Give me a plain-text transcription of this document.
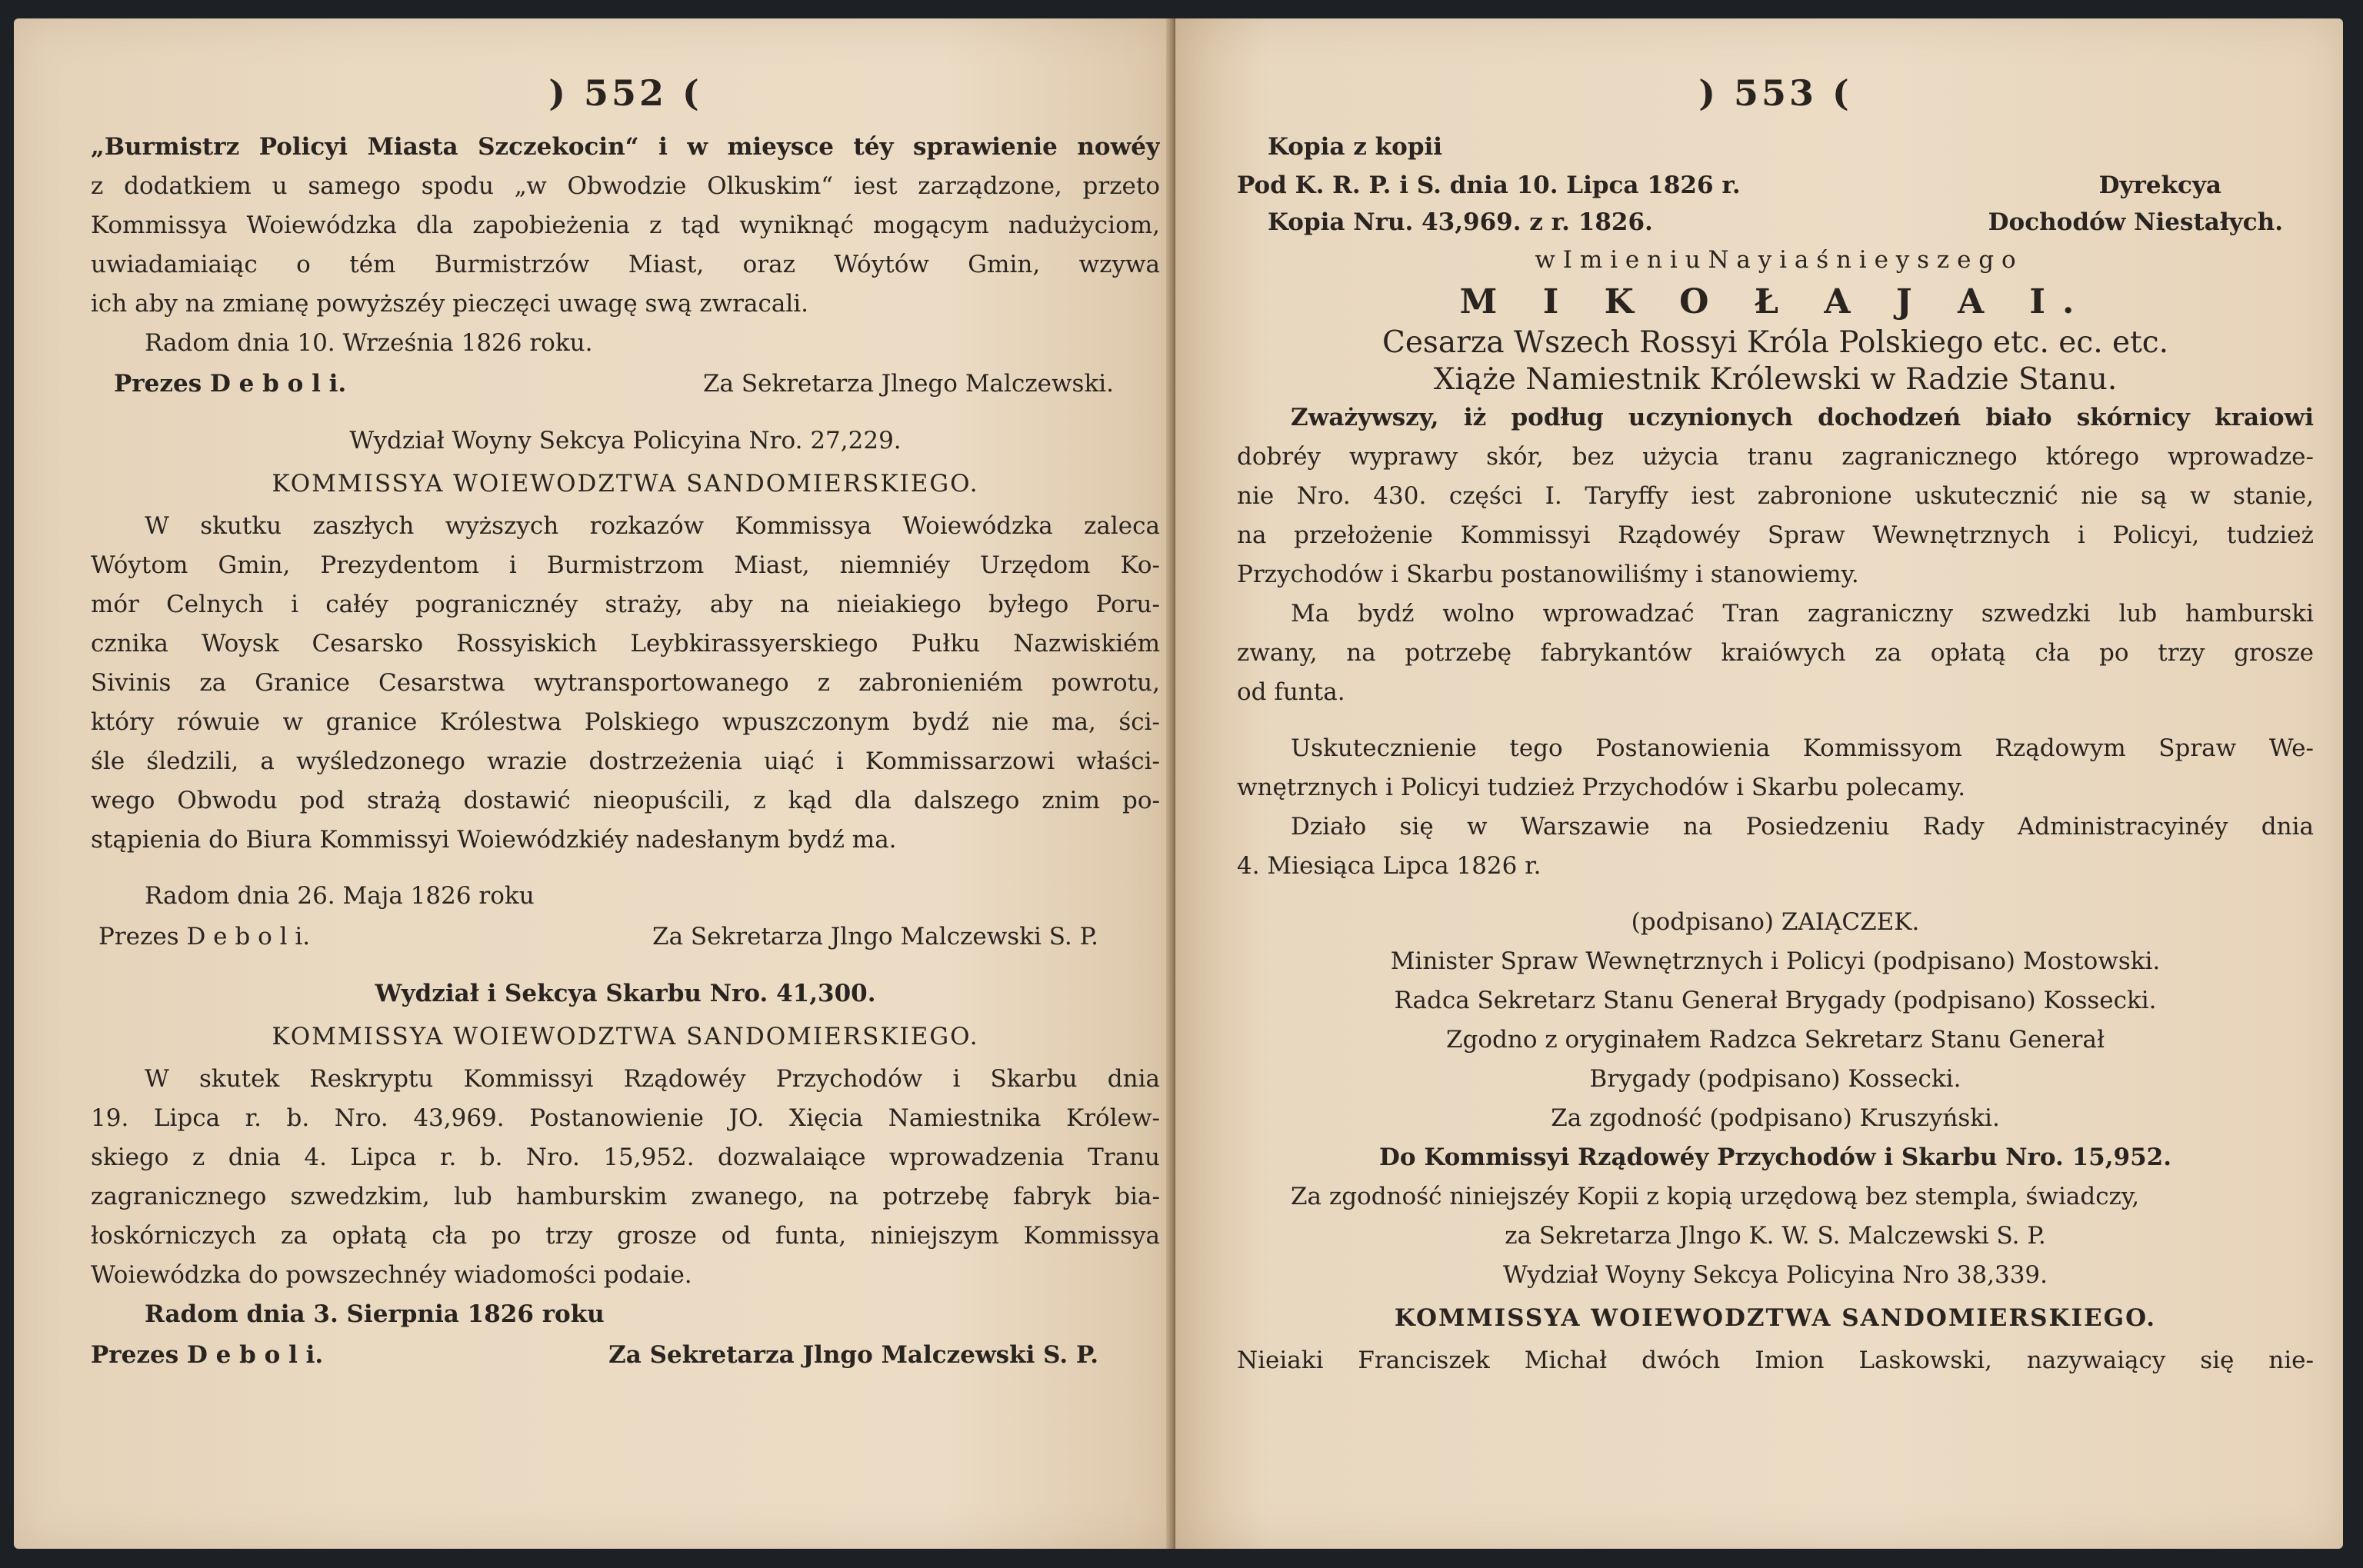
) 552 (
„Burmistrz Policyi Miasta Szczekocin“ i w mieysce téy sprawienie nowéy
z dodatkiem u samego spodu „w Obwodzie Olkuskim“ iest zarządzone, przeto
Kommissya Woiewódzka dla zapobieżenia z tąd wyniknąć mogącym nadużyciom,
uwiadamiaiąc o tém Burmistrzów Miast, oraz Wóytów Gmin, wzywa
ich aby na zmianę powyższéy pieczęci uwagę swą zwracali.
Radom dnia 10. Września 1826 roku.
Prezes D e b o l i.	Za Sekretarza Jlnego Malczewski.
Wydział Woyny Sekcya Policyina Nro. 27,229.
KOMMISSYA WOIEWODZTWA SANDOMIERSKIEGO.
W skutku zaszłych wyższych rozkazów Kommissya Woiewódzka zaleca
Wóytom Gmin, Prezydentom i Burmistrzom Miast, niemniéy Urzędom Ko-
mór Celnych i całéy pogranicznéy straży, aby na nieiakiego byłego Poru-
cznika Woysk Cesarsko Rossyiskich Leybkirassyerskiego Pułku Nazwiskiém
Sivinis za Granice Cesarstwa wytransportowanego z zabronieniém powrotu,
który rówuie w granice Królestwa Polskiego wpuszczonym bydź nie ma, ści-
śle śledzili, a wyśledzonego wrazie dostrzeżenia uiąć i Kommissarzowi właści-
wego Obwodu pod strażą dostawić nieopuścili, z kąd dla dalszego znim po-
stąpienia do Biura Kommissyi Woiewódzkiéy nadesłanym bydź ma.
Radom dnia 26. Maja 1826 roku
Prezes D e b o l i.	Za Sekretarza Jlngo Malczewski S. P.
Wydział i Sekcya Skarbu Nro. 41,300.
KOMMISSYA WOIEWODZTWA SANDOMIERSKIEGO.
W skutek Reskryptu Kommissyi Rządowéy Przychodów i Skarbu dnia
19. Lipca r. b. Nro. 43,969. Postanowienie JO. Xięcia Namiestnika Królew-
skiego z dnia 4. Lipca r. b. Nro. 15,952. dozwalaiące wprowadzenia Tranu
zagranicznego szwedzkim, lub hamburskim zwanego, na potrzebę fabryk bia-
łoskórniczych za opłatą cła po trzy grosze od funta, niniejszym Kommissya
Woiewódzka do powszechnéy wiadomości podaie.
Radom dnia 3. Sierpnia 1826 roku
Prezes D e b o l i.	Za Sekretarza Jlngo Malczewski S. P.
) 553 (
Kopia z kopii
Pod K. R. P. i S. dnia 10. Lipca 1826 r.	Dyrekcya
Kopia Nru. 43,969. z r. 1826.	Dochodów Niestałych.
w I m i e n i u N a y i a ś n i e y s z e g o
M I K O Ł A J A I.
Cesarza Wszech Rossyi Króla Polskiego etc. ec. etc.
Xiąże Namiestnik Królewski w Radzie Stanu.
Zważywszy, iż podług uczynionych dochodzeń biało skórnicy kraiowi
dobréy wyprawy skór, bez użycia tranu zagranicznego którego wprowadze-
nie Nro. 430. części I. Taryffy iest zabronione uskutecznić nie są w stanie,
na przełożenie Kommissyi Rządowéy Spraw Wewnętrznych i Policyi, tudzież
Przychodów i Skarbu postanowiliśmy i stanowiemy.
Ma bydź wolno wprowadzać Tran zagraniczny szwedzki lub hamburski
zwany, na potrzebę fabrykantów kraiówych za opłatą cła po trzy grosze
od funta.
Uskutecznienie tego Postanowienia Kommissyom Rządowym Spraw We-
wnętrznych i Policyi tudzież Przychodów i Skarbu polecamy.
Działo się w Warszawie na Posiedzeniu Rady Administracyinéy dnia
4. Miesiąca Lipca 1826 r.
(podpisano) ZAIĄCZEK.
Minister Spraw Wewnętrznych i Policyi (podpisano) Mostowski.
Radca Sekretarz Stanu Generał Brygady (podpisano) Kossecki.
Zgodno z oryginałem Radzca Sekretarz Stanu Generał
Brygady (podpisano) Kossecki.
Za zgodność (podpisano) Kruszyński.
Do Kommissyi Rządowéy Przychodów i Skarbu Nro. 15,952.
Za zgodność niniejszéy Kopii z kopią urzędową bez stempla, świadczy,
za Sekretarza Jlngo K. W. S. Malczewski S. P.
Wydział Woyny Sekcya Policyina Nro 38,339.
KOMMISSYA WOIEWODZTWA SANDOMIERSKIEGO.
Nieiaki Franciszek Michał dwóch Imion Laskowski, nazywaiący się nie-
